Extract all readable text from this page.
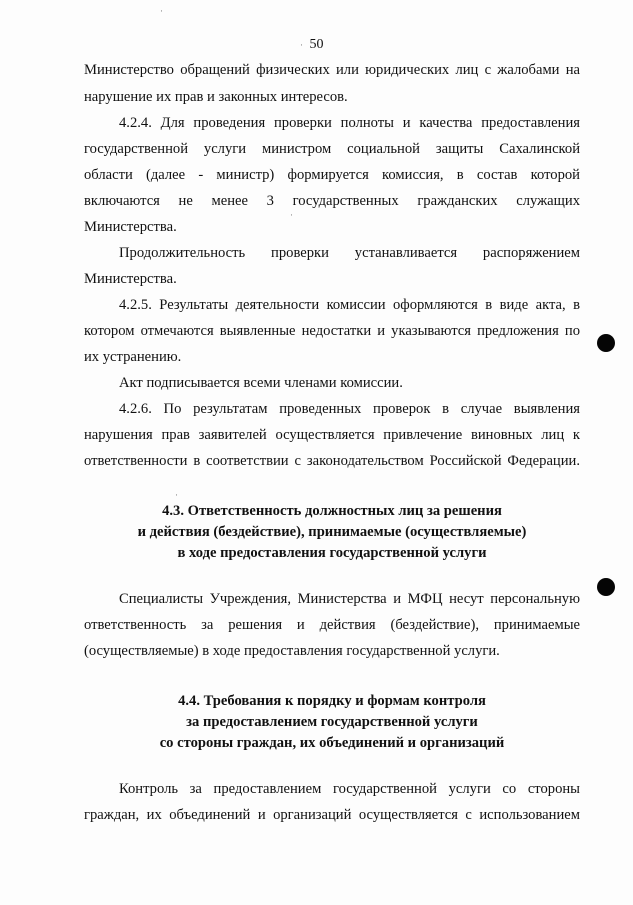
50
·
·
·
·
Министерство обращений физических или юридических лиц с жалобами на
нарушение их прав и законных интересов.
4.2.4. Для проведения проверки полноты и качества предоставления
государственной услуги министром социальной защиты Сахалинской
области (далее - министр) формируется комиссия, в состав которой
включаются не менее 3 государственных гражданских служащих
Министерства.
Продолжительность проверки устанавливается распоряжением
Министерства.
4.2.5. Результаты деятельности комиссии оформляются в виде акта, в
котором отмечаются выявленные недостатки и указываются предложения по
их устранению.
Акт подписывается всеми членами комиссии.
4.2.6. По результатам проведенных проверок в случае выявления
нарушения прав заявителей осуществляется привлечение виновных лиц к
ответственности в соответствии с законодательством Российской Федерации.
4.3. Ответственность должностных лиц за решения
и действия (бездействие), принимаемые (осуществляемые)
в ходе предоставления государственной услуги
Специалисты Учреждения, Министерства и МФЦ несут персональную
ответственность за решения и действия (бездействие), принимаемые
(осуществляемые) в ходе предоставления государственной услуги.
4.4. Требования к порядку и формам контроля
за предоставлением государственной услуги
со стороны граждан, их объединений и организаций
Контроль за предоставлением государственной услуги со стороны
граждан, их объединений и организаций осуществляется с использованием
